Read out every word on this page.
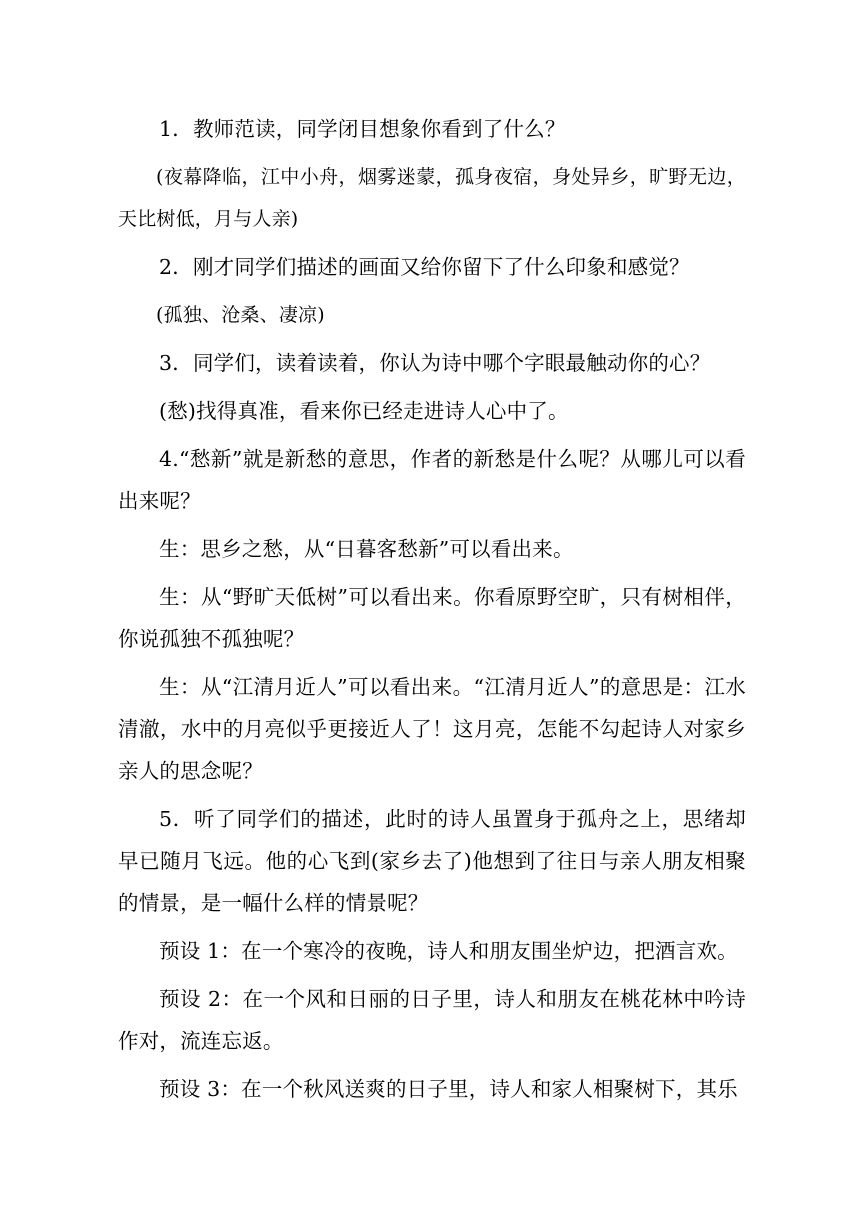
1．教师范读，同学闭目想象你看到了什么？

(夜幕降临，江中小舟，烟雾迷蒙，孤身夜宿，身处异乡，旷野无边，天比树低，月与人亲)

2．刚才同学们描述的画面又给你留下了什么印象和感觉？

(孤独、沧桑、凄凉)

3．同学们，读着读着，你认为诗中哪个字眼最触动你的心？

(愁)找得真准，看来你已经走进诗人心中了。

4.“愁新”就是新愁的意思，作者的新愁是什么呢？从哪儿可以看出来呢？

生：思乡之愁，从“日暮客愁新”可以看出来。

生：从“野旷天低树”可以看出来。你看原野空旷，只有树相伴，你说孤独不孤独呢？

生：从“江清月近人”可以看出来。“江清月近人”的意思是：江水清澈，水中的月亮似乎更接近人了！这月亮，怎能不勾起诗人对家乡亲人的思念呢？

5．听了同学们的描述，此时的诗人虽置身于孤舟之上，思绪却早已随月飞远。他的心飞到(家乡去了)他想到了往日与亲人朋友相聚的情景，是一幅什么样的情景呢？

预设 1：在一个寒冷的夜晚，诗人和朋友围坐炉边，把酒言欢。

预设 2：在一个风和日丽的日子里，诗人和朋友在桃花林中吟诗作对，流连忘返。

预设 3：在一个秋风送爽的日子里，诗人和家人相聚树下，其乐
